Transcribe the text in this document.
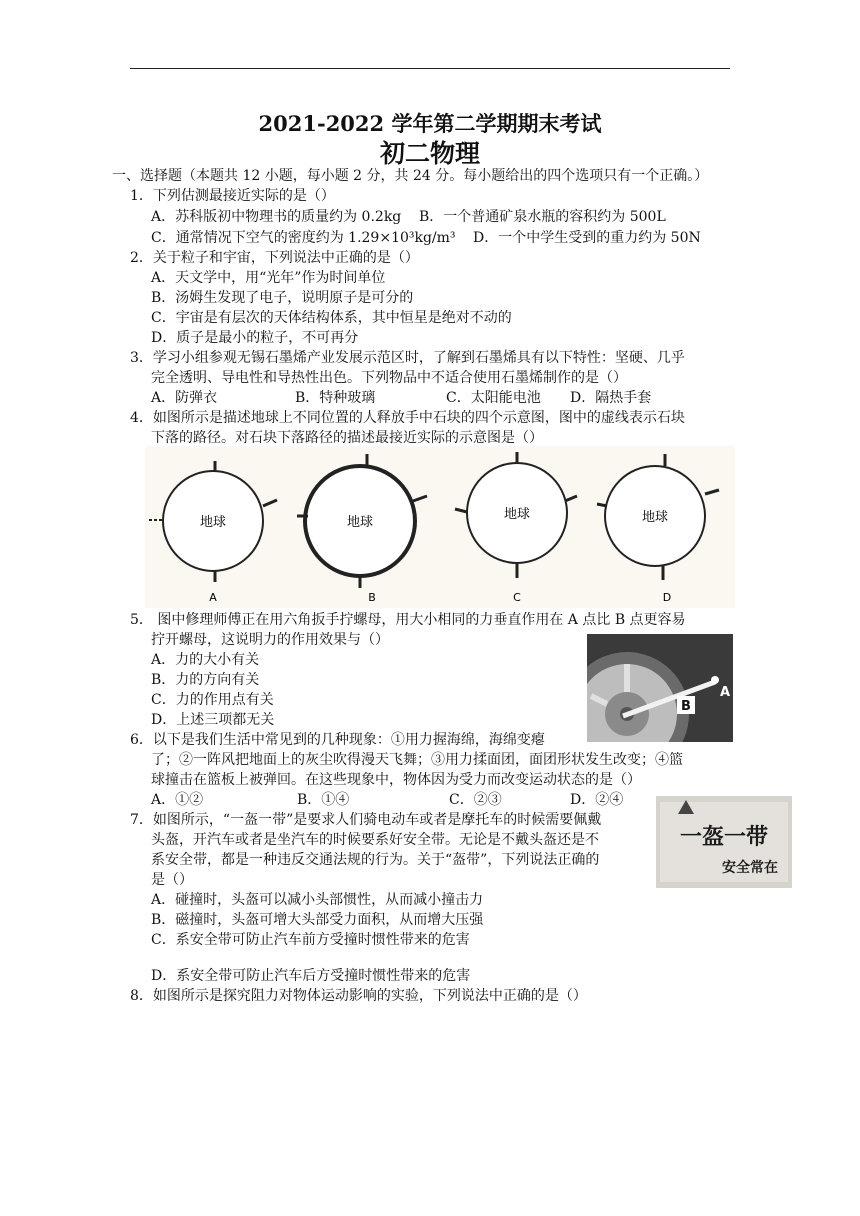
2021-2022 学年第二学期期末考试
初二物理
一、选择题（本题共 12 小题，每小题 2 分，共 24 分。每小题给出的四个选项只有一个正确。）
1．下列估测最接近实际的是（）
A．苏科版初中物理书的质量约为 0.2kg B．一个普通矿泉水瓶的容积约为 500L
C．通常情况下空气的密度约为 1.29×10³kg/m³ D．一个中学生受到的重力约为 50N
2．关于粒子和宇宙，下列说法中正确的是（）
A．天文学中，用“光年”作为时间单位
B．汤姆生发现了电子，说明原子是可分的
C．宇宙是有层次的天体结构体系，其中恒星是绝对不动的
D．质子是最小的粒子，不可再分
3．学习小组参观无锡石墨烯产业发展示范区时，了解到石墨烯具有以下特性：坚硬、几乎
完全透明、导电性和导热性出色。下列物品中不适合使用石墨烯制作的是（）
A．防弹衣	B．特种玻璃	C．太阳能电池 D．隔热手套
4．如图所示是描述地球上不同位置的人释放手中石块的四个示意图，图中的虚线表示石块
下落的路径。对石块下落路径的描述最接近实际的示意图是（）
地球
A
地球
B
地球
C
地球
D
5． 图中修理师傅正在用六角扳手拧螺母，用大小相同的力垂直作用在 A 点比 B 点更容易
拧开螺母，这说明力的作用效果与（）
A．力的大小有关
B．力的方向有关
C．力的作用点有关
D．上述三项都无关
B
A
6．以下是我们生活中常见到的几种现象：①用力握海绵，海绵变瘪
了；②一阵风把地面上的灰尘吹得漫天飞舞；③用力揉面团，面团形状发生改变；④篮
球撞击在篮板上被弹回。在这些现象中，物体因为受力而改变运动状态的是（）
A．①②	B．①④	C．②③	D．②④
7．如图所示，“一盔一带”是要求人们骑电动车或者是摩托车的时候需要佩戴
头盔，开汽车或者是坐汽车的时候要系好安全带。无论是不戴头盔还是不
系安全带，都是一种违反交通法规的行为。关于“盔带”，下列说法正确的
是（）
A．碰撞时，头盔可以减小头部惯性，从而减小撞击力
B．磁撞时，头盔可增大头部受力面积，从而增大压强
C．系安全带可防止汽车前方受撞时惯性带来的危害
D．系安全带可防止汽车后方受撞时惯性带来的危害
一盔一带
安全常在
8．如图所示是探究阻力对物体运动影响的实验，下列说法中正确的是（）
